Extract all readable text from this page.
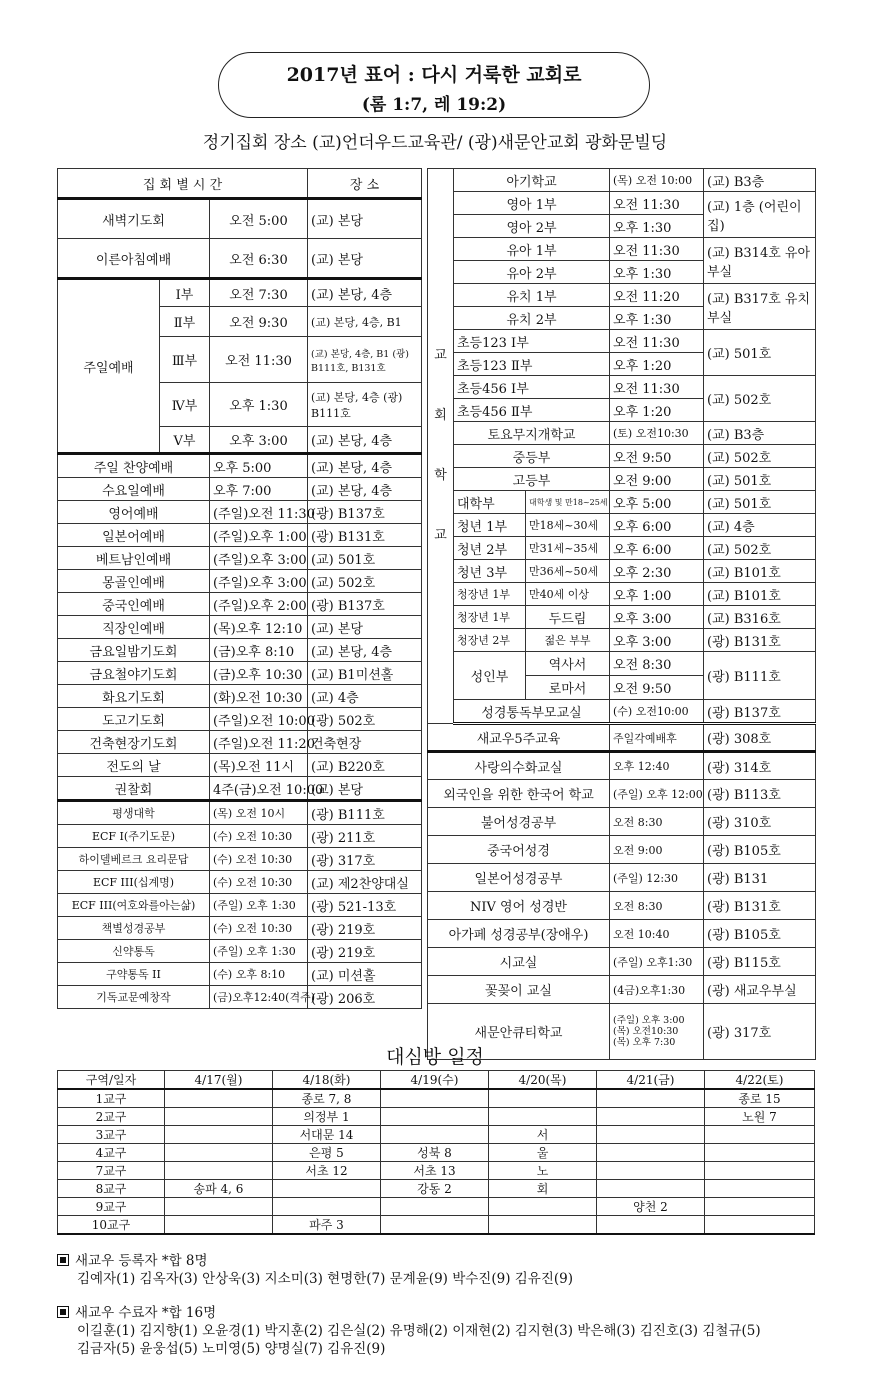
2017년 표어 : 다시 거룩한 교회로
(롬 1:7, 레 19:2)
정기집회 장소 (교)언더우드교육관/ (광)새문안교회 광화문빌딩
집 회 별 시 간			장 소
새벽기도회		오전 5:00	(교) 본당
이른아침예배		오전 6:30	(교) 본당
주일예배	Ⅰ부	오전 7:30	(교) 본당, 4층
	Ⅱ부	오전 9:30	(교) 본당, 4층, B1
	Ⅲ부	오전 11:30	(교) 본당, 4층, B1 (광) B111호, B131호
	Ⅳ부	오후 1:30	(교) 본당, 4층 (광) B111호
	Ⅴ부	오후 3:00	(교) 본당, 4층
주일 찬양예배		오후 5:00	(교) 본당, 4층
수요일예배		오후 7:00	(교) 본당, 4층
영어예배		(주일)오전 11:30	(광) B137호
일본어예배		(주일)오후 1:00	(광) B131호
베트남인예배		(주일)오후 3:00	(교) 501호
몽골인예배		(주일)오후 3:00	(교) 502호
중국인예배		(주일)오후 2:00	(광) B137호
직장인예배		(목)오후 12:10	(교) 본당
금요일밤기도회		(금)오후 8:10	(교) 본당, 4층
금요철야기도회		(금)오후 10:30	(교) B1미션홀
화요기도회		(화)오전 10:30	(교) 4층
도고기도회		(주일)오전 10:00	(광) 502호
건축현장기도회		(주일)오전 11:20	건축현장
전도의 날		(목)오전 11시	(교) B220호
권찰회		4주(금)오전 10:00	(교) 본당
평생대학		(목) 오전 10시	(광) B111호
ECF Ⅰ(주기도문)		(수) 오전 10:30	(광) 211호
하이델베르크 요리문답		(수) 오전 10:30	(광) 317호
ECF III(십계명)		(수) 오전 10:30	(교) 제2찬양대실
ECF III(여호와를아는삶)		(주일) 오후 1:30	(광) 521-13호
책별성경공부		(수) 오전 10:30	(광) 219호
신약통독		(주일) 오후 1:30	(광) 219호
구약통독 II		(수) 오후 8:10	(교) 미션홀
기독교문예창작		(금)오후12:40(격주)	(광) 206호
교회학교	아기학교		(목) 오전 10:00	(교) B3층
	영아 1부		오전 11:30	(교) 1층 (어린이집)
	영아 2부		오후 1:30	
	유아 1부		오전 11:30	(교) B314호 유아부실
	유아 2부		오후 1:30	
	유치 1부		오전 11:20	(교) B317호 유치부실
	유치 2부		오후 1:30	
	초등123 Ⅰ부		오전 11:30	(교) 501호
	초등123 Ⅱ부		오후 1:20	
	초등456 Ⅰ부		오전 11:30	(교) 502호
	초등456 Ⅱ부		오후 1:20	
	토요무지개학교		(토) 오전10:30	(교) B3층
	중등부		오전 9:50	(교) 502호
	고등부		오전 9:00	(교) 501호
	대학부	대학생 및 만18~25세	오후 5:00	(교) 501호
	청년 1부	만18세~30세	오후 6:00	(교) 4층
	청년 2부	만31세~35세	오후 6:00	(교) 502호
	청년 3부	만36세~50세	오후 2:30	(교) B101호
	청장년 1부	만40세 이상	오후 1:00	(교) B101호
	청장년 1부	두드림	오후 3:00	(교) B316호
	청장년 2부	젊은 부부	오후 3:00	(광) B131호
	성인부	역사서	오전 8:30	(광) B111호
		로마서	오전 9:50	
	성경통독부모교실		(수) 오전10:00	(광) B137호
새교우5주교육			주일각예배후	(광) 308호
사랑의수화교실			오후 12:40	(광) 314호
외국인을 위한 한국어 학교			(주일) 오후 12:00	(광) B113호
불어성경공부			오전 8:30	(광) 310호
중국어성경			오전 9:00	(광) B105호
일본어성경공부			(주일) 12:30	(광) B131
NIV 영어 성경반			오전 8:30	(광) B131호
아가페 성경공부(장애우)			오전 10:40	(광) B105호
시교실			(주일) 오후1:30	(광) B115호
꽃꽂이 교실			(4금)오후1:30	(광) 새교우부실
새문안큐티학교			(주일) 오후 3:00
(목) 오전10:30
(목) 오후 7:30	(광) 317호
대심방 일정
구역/일자	4/17(월)	4/18(화)	4/19(수)	4/20(목)	4/21(금)	4/22(토)
1교구		종로 7, 8				종로 15
2교구		의정부 1				노원 7
3교구		서대문 14		서		
4교구		은평 5	성북 8	울		
7교구		서초 12	서초 13	노		
8교구	송파 4, 6		강동 2	회		
9교구					양천 2	
10교구		파주 3				
새교우 등록자 *합 8명
김예자(1) 김옥자(3) 안상욱(3) 지소미(3) 현명한(7) 문계윤(9) 박수진(9) 김유진(9)
새교우 수료자 *합 16명
이길훈(1) 김지향(1) 오윤경(1) 박지훈(2) 김은실(2) 유명해(2) 이재현(2) 김지현(3) 박은해(3) 김진호(3) 김철규(5)
김금자(5) 윤웅섭(5) 노미영(5) 양명실(7) 김유진(9)
